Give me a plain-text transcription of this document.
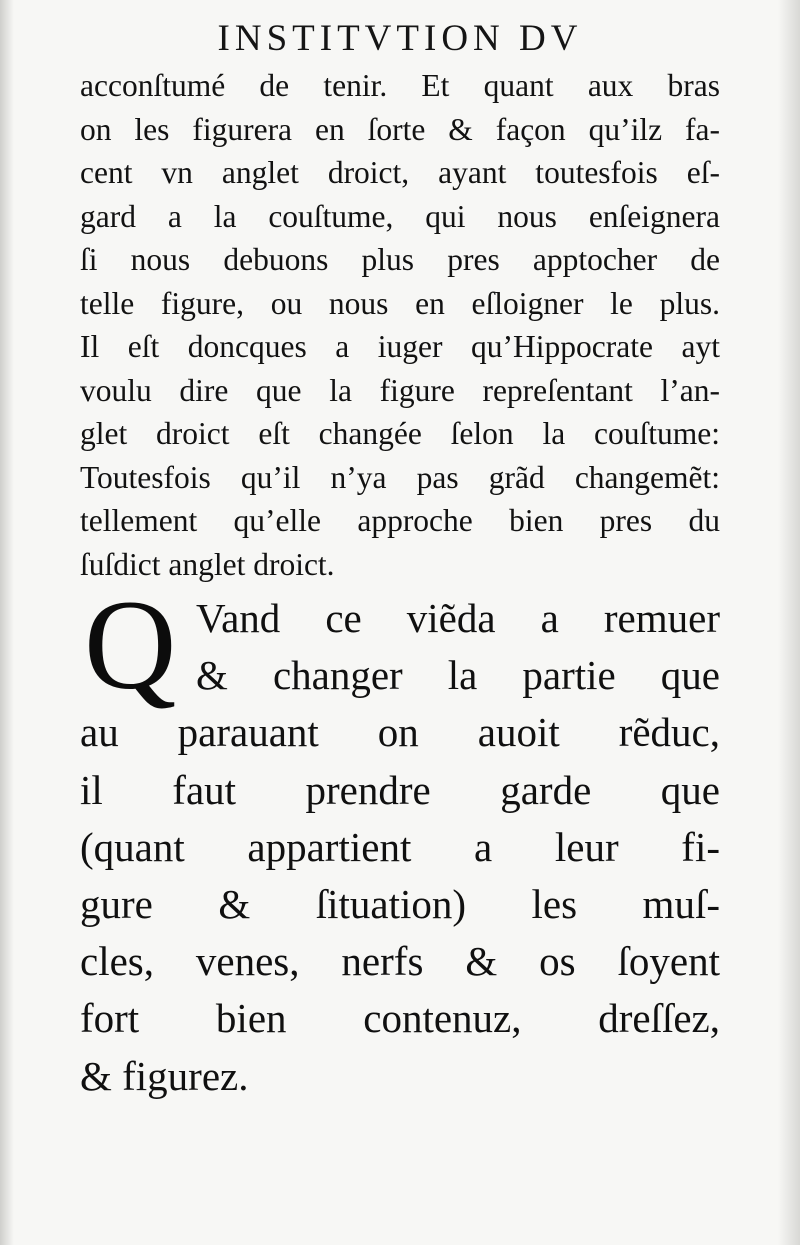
INSTITVTION DV
acconſtumé de tenir. Et quant aux bras
on les figurera en ſorte & façon qu’ilz fa-
cent vn anglet droict, ayant toutesfois eſ-
gard a la couſtume, qui nous enſeignera
ſi nous debuons plus pres apptocher de
telle figure, ou nous en eſloigner le plus.
Il eſt doncques a iuger qu’Hippocrate ayt
voulu dire que la figure repreſentant l’an-
glet droict eſt changée ſelon la couſtume:
Toutesfois qu’il n’ya pas grãd changemẽt:
tellement qu’elle approche bien pres du
ſuſdict anglet droict.
Q Vand ce viẽda a remuer
& changer la partie que
au parauant on auoit rẽduc,
il faut prendre garde que
(quant appartient a leur fi-
gure & ſituation) les muſ-
cles, venes, nerfs & os ſoyent
fort bien contenuz, dreſſez,
& figurez.
